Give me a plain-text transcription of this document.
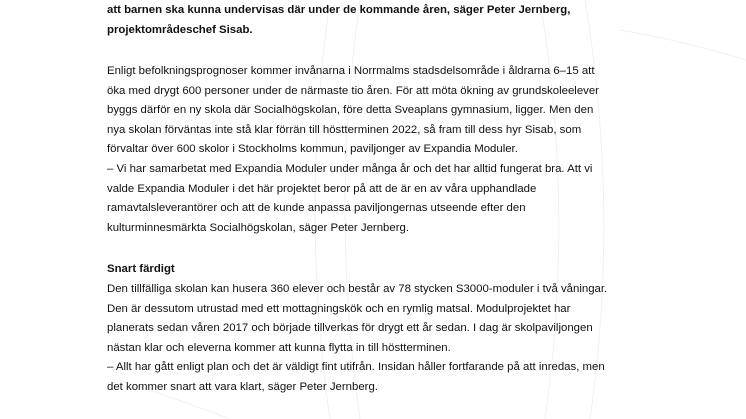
att barnen ska kunna undervisas där under de kommande åren, säger Peter Jernberg,
projektområdeschef Sisab.

Enligt befolkningsprognoser kommer invånarna i Norrmalms stadsdelsområde i åldrarna 6–15 att
öka med drygt 600 personer under de närmaste tio åren. För att möta ökning av grundskoleelever
byggs därför en ny skola där Socialhögskolan, före detta Sveaplans gymnasium, ligger. Men den
nya skolan förväntas inte stå klar förrän till höstterminen 2022, så fram till dess hyr Sisab, som
förvaltar över 600 skolor i Stockholms kommun, paviljonger av Expandia Moduler.

– Vi har samarbetat med Expandia Moduler under många år och det har alltid fungerat bra. Att vi
valde Expandia Moduler i det här projektet beror på att de är en av våra upphandlade
ramavtalsleverantörer och att de kunde anpassa paviljongernas utseende efter den
kulturminnesmärkta Socialhögskolan, säger Peter Jernberg.

Snart färdigt

Den tillfälliga skolan kan husera 360 elever och består av 78 stycken S3000-moduler i två våningar.
Den är dessutom utrustad med ett mottagningskök och en rymlig matsal. Modulprojektet har
planerats sedan våren 2017 och började tillverkas för drygt ett år sedan. I dag är skolpaviljongen
nästan klar och eleverna kommer att kunna flytta in till höstterminen.

– Allt har gått enligt plan och det är väldigt fint utifrån. Insidan håller fortfarande på att inredas, men
det kommer snart att vara klart, säger Peter Jernberg.
